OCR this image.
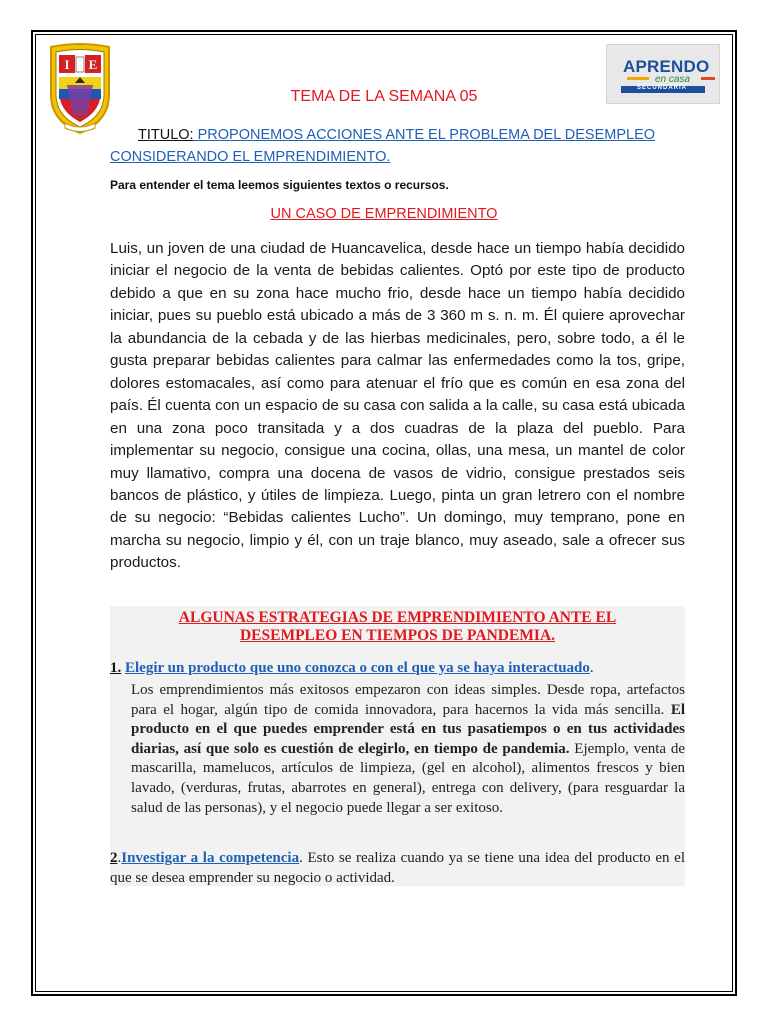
I E	APRENDO
en casa
SECUNDARIA
TEMA DE LA SEMANA 05
TITULO: PROPONEMOS ACCIONES ANTE EL PROBLEMA DEL DESEMPLEO CONSIDERANDO EL EMPRENDIMIENTO.
Para entender el tema leemos siguientes textos o recursos.
UN CASO DE EMPRENDIMIENTO
Luis, un joven de una ciudad de Huancavelica, desde hace un tiempo había decidido iniciar el negocio de la venta de bebidas calientes. Optó por este tipo de producto debido a que en su zona hace mucho frio, desde hace un tiempo había decidido iniciar, pues su pueblo está ubicado a más de 3 360 m s. n. m. Él quiere aprovechar la abundancia de la cebada y de las hierbas medicinales, pero, sobre todo, a él le gusta preparar bebidas calientes para calmar las enfermedades como la tos, gripe, dolores estomacales, así como para atenuar el frío que es común en esa zona del país. Él cuenta con un espacio de su casa con salida a la calle, su casa está ubicada en una zona poco transitada y a dos cuadras de la plaza del pueblo. Para implementar su negocio, consigue una cocina, ollas, una mesa, un mantel de color muy llamativo, compra una docena de vasos de vidrio, consigue prestados seis bancos de plástico, y útiles de limpieza. Luego, pinta un gran letrero con el nombre de su negocio: “Bebidas calientes Lucho”. Un domingo, muy temprano, pone en marcha su negocio, limpio y él, con un traje blanco, muy aseado, sale a ofrecer sus productos.
ALGUNAS ESTRATEGIAS DE EMPRENDIMIENTO ANTE EL
DESEMPLEO EN TIEMPOS DE PANDEMIA.
1. Elegir un producto que uno conozca o con el que ya se haya interactuado.
Los emprendimientos más exitosos empezaron con ideas simples. Desde ropa, artefactos para el hogar, algún tipo de comida innovadora, para hacernos la vida más sencilla. El producto en el que puedes emprender está en tus pasatiempos o en tus actividades diarias, así que solo es cuestión de elegirlo, en tiempo de pandemia. Ejemplo, venta de mascarilla, mamelucos, artículos de limpieza, (gel en alcohol), alimentos frescos y bien lavado, (verduras, frutas, abarrotes en general), entrega con delivery, (para resguardar la salud de las personas), y el negocio puede llegar a ser exitoso.
2.Investigar a la competencia. Esto se realiza cuando ya se tiene una idea del producto en el que se desea emprender su negocio o actividad.
